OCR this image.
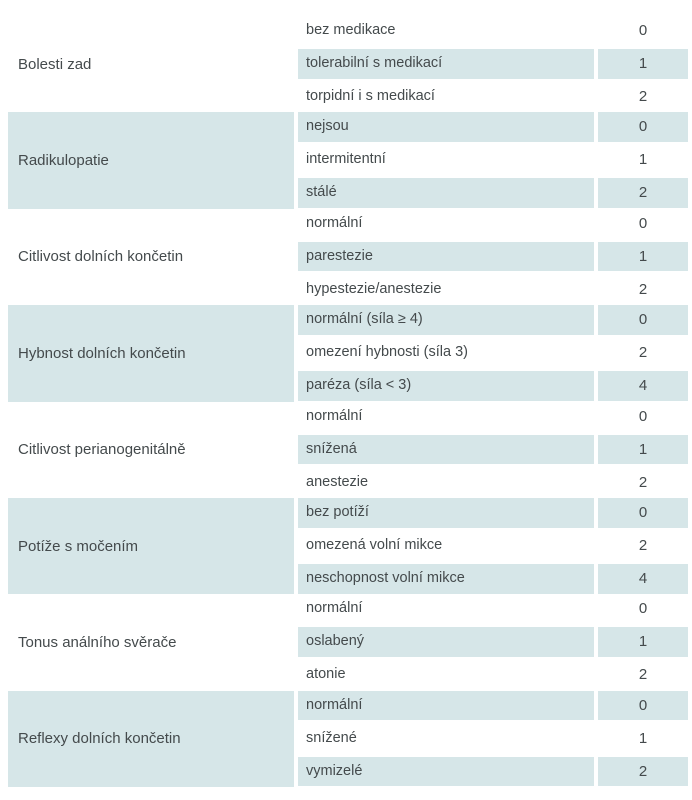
Bolesti zad
bez medikace	0
tolerabilní s medikací	1
torpidní i s medikací	2
Radikulopatie
nejsou	0
intermitentní	1
stálé	2
Citlivost dolních končetin
normální	0
parestezie	1
hypestezie/anestezie	2
Hybnost dolních končetin
normální (síla ≥ 4)	0
omezení hybnosti (síla 3)	2
paréza (síla < 3)	4
Citlivost perianogenitálně
normální	0
snížená	1
anestezie	2
Potíže s močením
bez potíží	0
omezená volní mikce	2
neschopnost volní mikce	4
Tonus análního svěrače
normální	0
oslabený	1
atonie	2
Reflexy dolních končetin
normální	0
snížené	1
vymizelé	2
